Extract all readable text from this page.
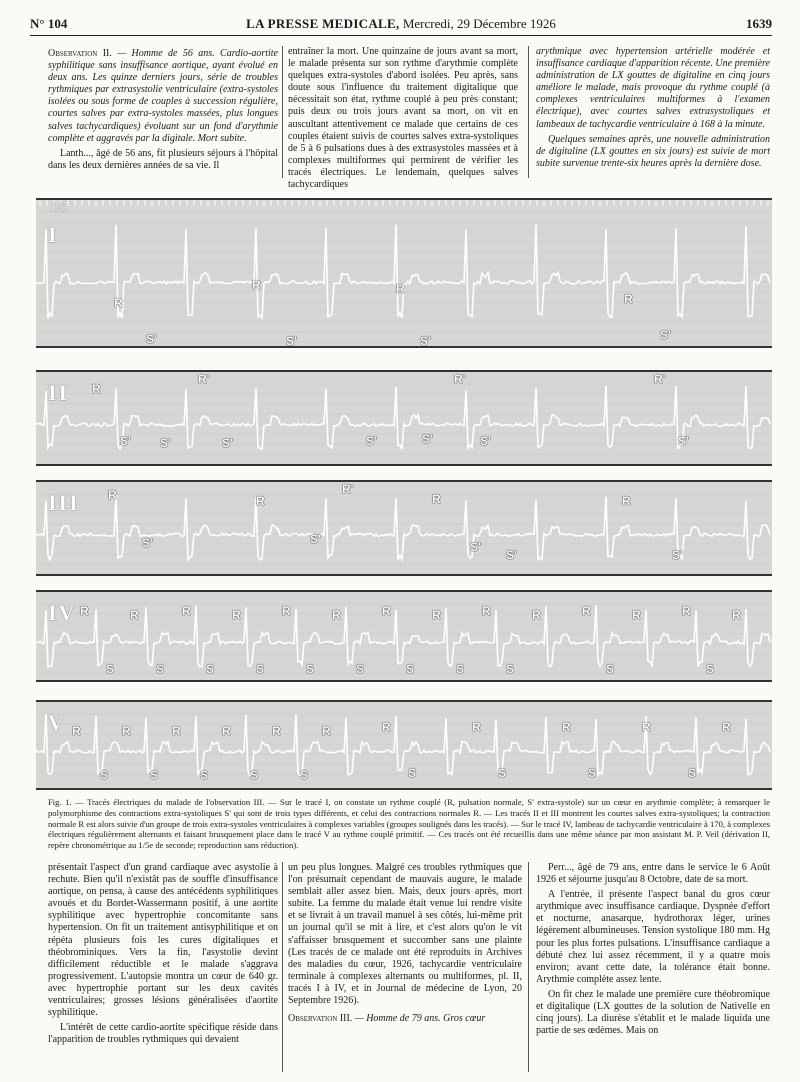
N° 104	LA PRESSE MEDICALE, Mercredi, 29 Décembre 1926	1639

Observation II. — Homme de 56 ans. Cardio-aortite syphilitique sans insuffisance aortique, ayant évolué en deux ans. Les quinze derniers jours, série de troubles rythmiques par extrasystolie ventriculaire (extra-systoles isolées ou sous forme de couples à succession régulière, courtes salves par extra-systoles massées, plus longues salves tachycardiques) évoluant sur un fond d'arythmie complète et aggravés par la digitale. Mort subite.

Lanth..., âgé de 56 ans, fit plusieurs séjours à l'hôpital dans les deux dernières années de sa vie. Il

entraîner la mort. Une quinzaine de jours avant sa mort, le malade présenta sur son rythme d'arythmie complète quelques extra-systoles d'abord isolées. Peu après, sans doute sous l'influence du traitement digitalique que nécessitait son état, rythme couplé à peu près constant; puis deux ou trois jours avant sa mort, on vit en auscultant attentivement ce malade que certains de ces couples étaient suivis de courtes salves extra-systoliques de 5 à 6 pulsations dues à des extrasystoles massées et à complexes multiformes qui permirent de vérifier les tracés électriques. Le lendemain, quelques salves tachycardiques

arythmique avec hypertension artérielle modérée et insuffisance cardiaque d'apparition récente. Une première administration de LX gouttes de digitaline en cinq jours améliore le malade, mais provoque du rythme couplé (à complexes ventriculaires multiformes à l'examen électrique), avec courtes salves extrasystoliques et lambeaux de tachycardie ventriculaire à 168 à la minute.

Quelques semaines après, une nouvelle administration de digitaline (LX gouttes en six jours) est suivie de mort subite survenue trente-six heures après la dernière dose.

1/5
I
R
R	R
R
S'	S'	S'	S'
II R
R'	R'	R'
S' S'	S'	S'	S'	S'	S'
III R	R
R'
R	R
S'	S'
S'
S'	S'
IV R	R	R	R	R	R	R	R	R	R	R	R	R	R
S	S	S	S	S	S	S	S	S	S	S
V R	R	R	R	R	R	R	R	R	R	R
S	S	S	S	S	S	S	S	S
Fig. 1. — Tracés électriques du malade de l'observation III. — Sur le tracé I, on constate un rythme couplé (R, pulsation normale, S' extra-systole) sur un cœur en arythmie complète; à remarquer le polymorphisme des contractions extra-systoliques S' qui sont de trois types différents, et celui des contractions normales R. — Les tracés II et III montrent les courtes salves extra-systoliques; la contraction normale R est alors suivie d'un groupe de trois extra-systoles ventriculaires à complexes variables (groupes soulignés dans les tracés). — Sur le tracé IV, lambeau de tachycardie ventriculaire à 170, à complexes électriques régulièrement alternants et faisant brusquement place dans le tracé V au rythme couplé primitif. — Ces tracés ont été recueillis dans une même séance par mon assistant M. P. Veil (dérivation II, repère chronométrique au 1/5e de seconde; reproduction sans réduction).

présentait l'aspect d'un grand cardiaque avec asystolie à rechute. Bien qu'il n'existât pas de souffle d'insuffisance aortique, on pensa, à cause des antécédents syphilitiques avoués et du Bordet-Wassermann positif, à une aortite syphilitique avec hypertrophie concomitante sans hypertension. On fit un traitement antisyphilitique et on répéta plusieurs fois les cures digitaliques et théobrominiques. Vers la fin, l'asystolie devint difficilement réductible et le malade s'aggrava progressivement. L'autopsie montra un cœur de 640 gr. avec hypertrophie portant sur les deux cavités ventriculaires; grosses lésions généralisées d'aortite syphilitique.

L'intérêt de cette cardio-aortite spécifique réside dans l'apparition de troubles rythmiques qui devaient

un peu plus longues. Malgré ces troubles rythmiques que l'on présumait cependant de mauvais augure, le malade semblait aller assez bien. Mais, deux jours après, mort subite. La femme du malade était venue lui rendre visite et se livrait à un travail manuel à ses côtés, lui-même prit un journal qu'il se mit à lire, et c'est alors qu'on le vit s'affaisser brusquement et succomber sans une plainte (Les tracés de ce malade ont été reproduits in Archives des maladies du cœur, 1926, tachycardie ventriculaire terminale à complexes alternants ou multiformes, pl. II, tracés I à IV, et in Journal de médecine de Lyon, 20 Septembre 1926).

Observation III. — Homme de 79 ans. Gros cœur

Perr..., âgé de 79 ans, entre dans le service le 6 Août 1926 et séjourne jusqu'au 8 Octobre, date de sa mort.

A l'entrée, il présente l'aspect banal du gros cœur arythmique avec insuffisance cardiaque. Dyspnée d'effort et nocturne, anasarque, hydrothorax léger, urines légèrement albumineuses. Tension systolique 180 mm. Hg pour les plus fortes pulsations. L'insuffisance cardiaque a débuté chez lui assez récemment, il y a quatre mois environ; avant cette date, la tolérance était bonne. Arythmie complète assez lente.

On fit chez le malade une première cure théobromique et digitalique (LX gouttes de la solution de Nativelle en cinq jours). La diurèse s'établit et le malade liquida une partie de ses œdèmes. Mais on
